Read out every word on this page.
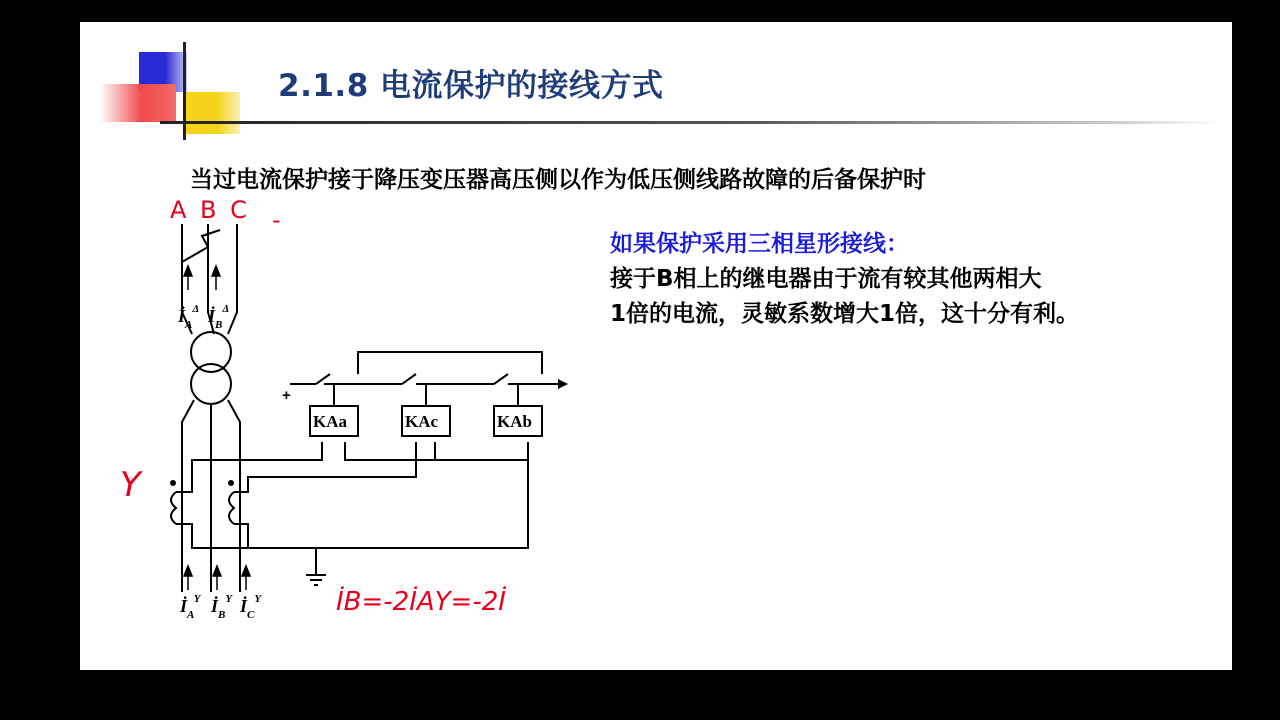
2.1.8 电流保护的接线方式
当过电流保护接于降压变压器高压侧以作为低压侧线路故障的后备保护时
如果保护采用三相星形接线：
接于B相上的继电器由于流有较其他两相大
1倍的电流，灵敏系数增大1倍，这十分有利。
+
KAa	KAc	KAb
$İ_A^\Delta$ $İ_B^\Delta$
$İ_A^Y$ $İ_B^Y$ $İ_C^Y$
A B C -
Y
İB=-2İAY=-2İ
